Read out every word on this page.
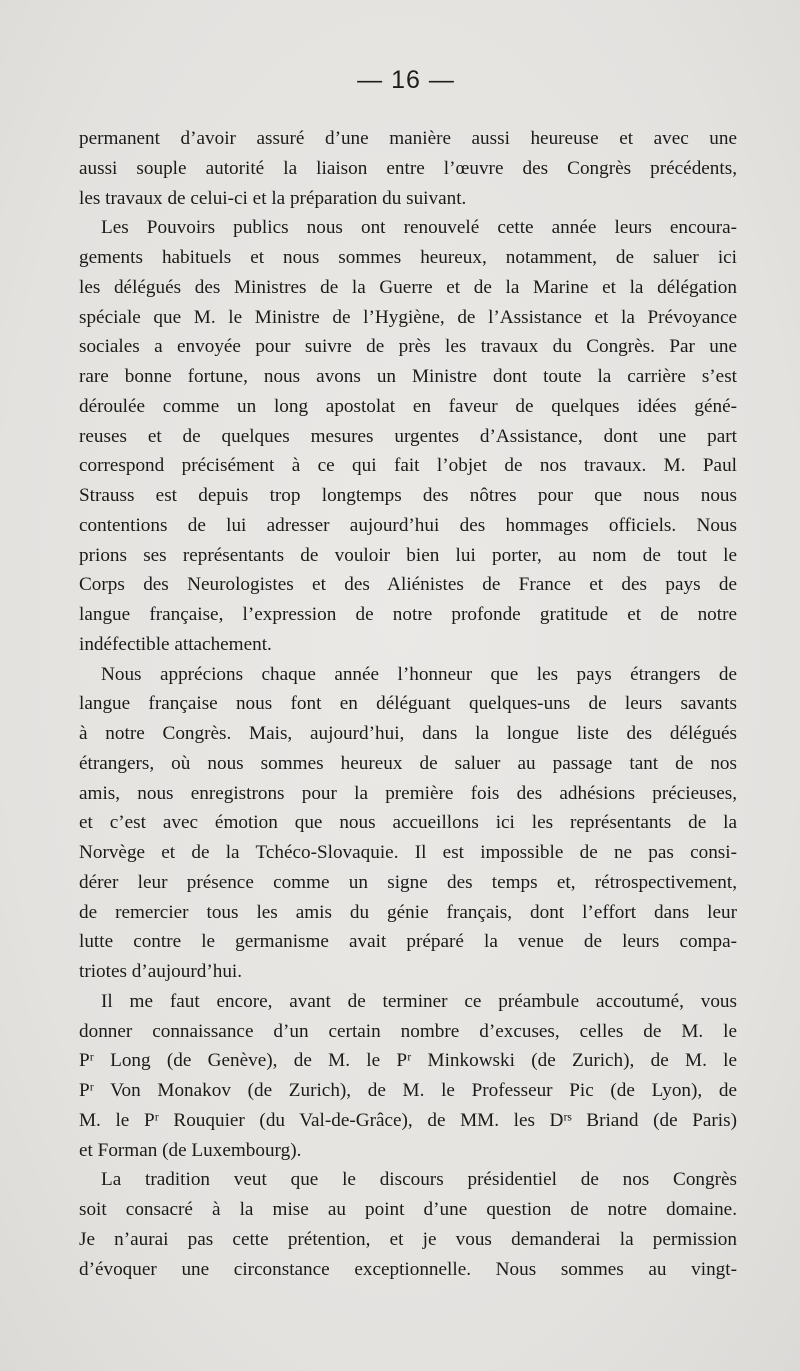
— 16 —
permanent d’avoir assuré d’une manière aussi heureuse et avec une
aussi souple autorité la liaison entre l’œuvre des Congrès précédents,
les travaux de celui-ci et la préparation du suivant.
Les Pouvoirs publics nous ont renouvelé cette année leurs encoura-
gements habituels et nous sommes heureux, notamment, de saluer ici
les délégués des Ministres de la Guerre et de la Marine et la délégation
spéciale que M. le Ministre de l’Hygiène, de l’Assistance et la Prévoyance
sociales a envoyée pour suivre de près les travaux du Congrès. Par une
rare bonne fortune, nous avons un Ministre dont toute la carrière s’est
déroulée comme un long apostolat en faveur de quelques idées géné-
reuses et de quelques mesures urgentes d’Assistance, dont une part
correspond précisément à ce qui fait l’objet de nos travaux. M. Paul
Strauss est depuis trop longtemps des nôtres pour que nous nous
contentions de lui adresser aujourd’hui des hommages officiels. Nous
prions ses représentants de vouloir bien lui porter, au nom de tout le
Corps des Neurologistes et des Aliénistes de France et des pays de
langue française, l’expression de notre profonde gratitude et de notre
indéfectible attachement.
Nous apprécions chaque année l’honneur que les pays étrangers de
langue française nous font en déléguant quelques-uns de leurs savants
à notre Congrès. Mais, aujourd’hui, dans la longue liste des délégués
étrangers, où nous sommes heureux de saluer au passage tant de nos
amis, nous enregistrons pour la première fois des adhésions précieuses,
et c’est avec émotion que nous accueillons ici les représentants de la
Norvège et de la Tchéco-Slovaquie. Il est impossible de ne pas consi-
dérer leur présence comme un signe des temps et, rétrospectivement,
de remercier tous les amis du génie français, dont l’effort dans leur
lutte contre le germanisme avait préparé la venue de leurs compa-
triotes d’aujourd’hui.
Il me faut encore, avant de terminer ce préambule accoutumé, vous
donner connaissance d’un certain nombre d’excuses, celles de M. le
Pʳ Long (de Genève), de M. le Pʳ Minkowski (de Zurich), de M. le
Pʳ Von Monakov (de Zurich), de M. le Professeur Pic (de Lyon), de
M. le Pʳ Rouquier (du Val-de-Grâce), de MM. les Dʳˢ Briand (de Paris)
et Forman (de Luxembourg).
La tradition veut que le discours présidentiel de nos Congrès
soit consacré à la mise au point d’une question de notre domaine.
Je n’aurai pas cette prétention, et je vous demanderai la permission
d’évoquer une circonstance exceptionnelle. Nous sommes au vingt-
